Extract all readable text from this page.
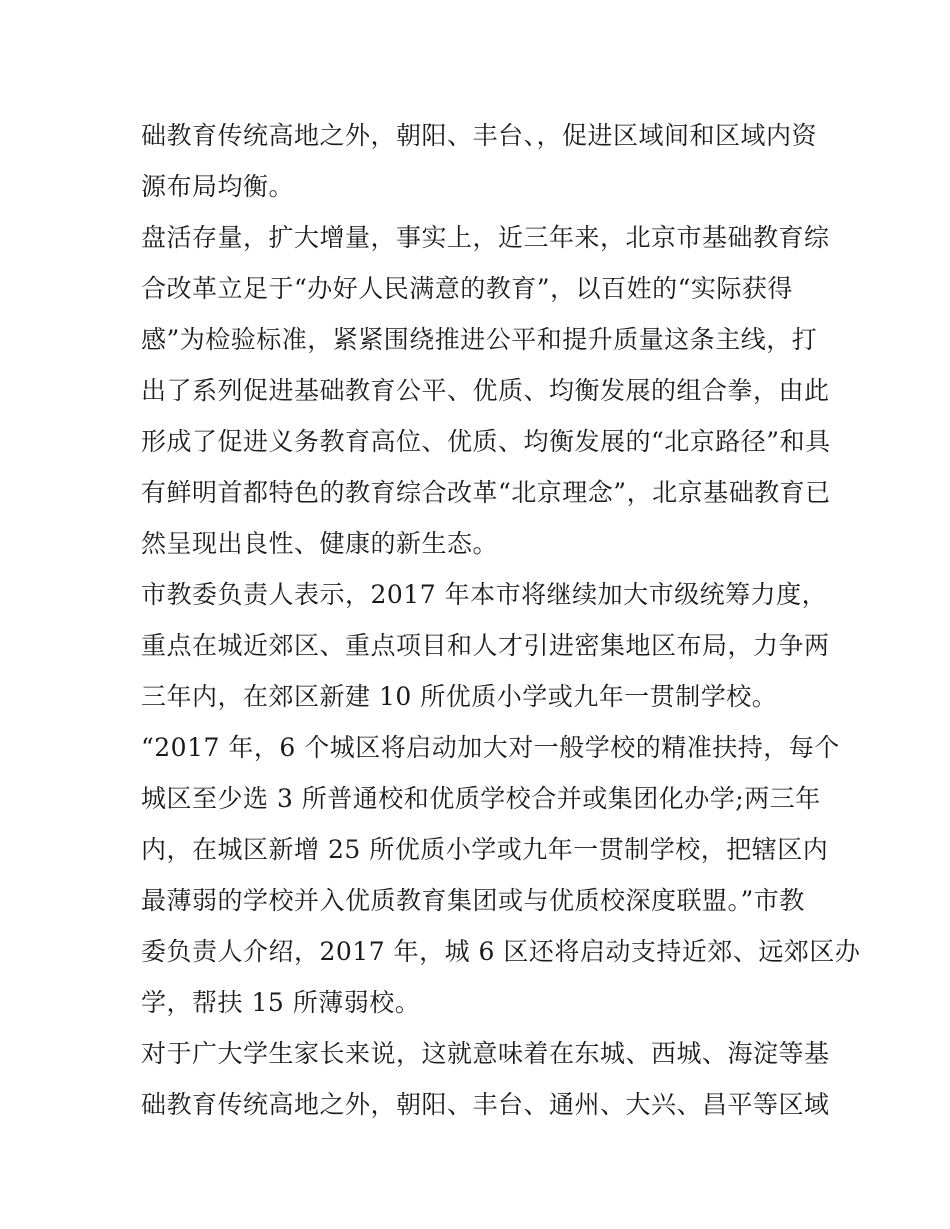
础教育传统高地之外，朝阳、丰台、，促进区域间和区域内资
源布局均衡。
盘活存量，扩大增量，事实上，近三年来，北京市基础教育综
合改革立足于“办好人民满意的教育”，以百姓的“实际获得
感”为检验标准，紧紧围绕推进公平和提升质量这条主线，打
出了系列促进基础教育公平、优质、均衡发展的组合拳，由此
形成了促进义务教育高位、优质、均衡发展的“北京路径”和具
有鲜明首都特色的教育综合改革“北京理念”，北京基础教育已
然呈现出良性、健康的新生态。
市教委负责人表示，2017 年本市将继续加大市级统筹力度，
重点在城近郊区、重点项目和人才引进密集地区布局，力争两
三年内，在郊区新建 10 所优质小学或九年一贯制学校。
“2017 年，6 个城区将启动加大对一般学校的精准扶持，每个
城区至少选 3 所普通校和优质学校合并或集团化办学;两三年
内，在城区新增 25 所优质小学或九年一贯制学校，把辖区内
最薄弱的学校并入优质教育集团或与优质校深度联盟。”市教
委负责人介绍，2017 年，城 6 区还将启动支持近郊、远郊区办
学，帮扶 15 所薄弱校。
对于广大学生家长来说，这就意味着在东城、西城、海淀等基
础教育传统高地之外，朝阳、丰台、通州、大兴、昌平等区域
